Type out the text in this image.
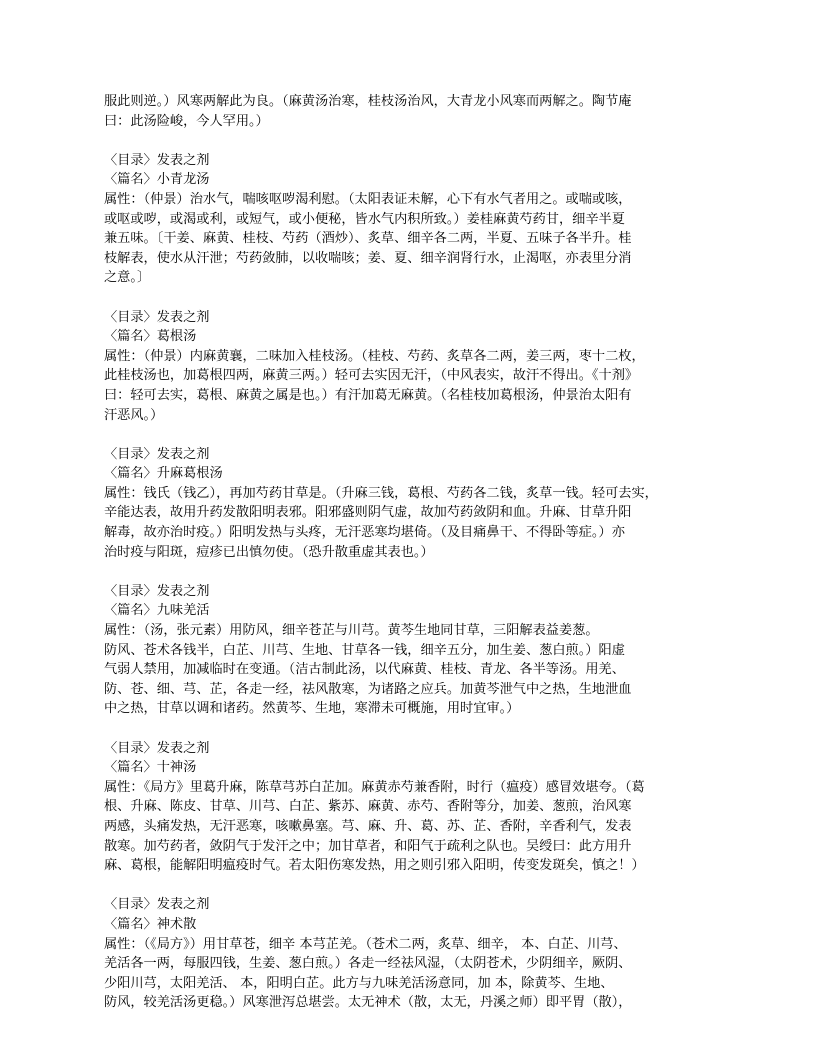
服此则逆。）风寒两解此为良。（麻黄汤治寒，桂枝汤治风，大青龙小风寒而两解之。陶节庵
曰：此汤险峻，今人罕用。）
〈目录〉发表之剂
〈篇名〉小青龙汤
属性：（仲景）治水气，喘咳呕哕渴利慰。（太阳表证未解，心下有水气者用之。或喘或咳，
或呕或哕，或渴或利，或短气，或小便秘，皆水气内积所致。）姜桂麻黄芍药甘，细辛半夏
兼五味。〔干姜、麻黄、桂枝、芍药（酒炒）、炙草、细辛各二两，半夏、五味子各半升。桂
枝解表，使水从汗泄；芍药敛肺，以收喘咳；姜、夏、细辛润肾行水，止渴呕，亦表里分消
之意。〕
〈目录〉发表之剂
〈篇名〉葛根汤
属性：（仲景）内麻黄襄，二味加入桂枝汤。（桂枝、芍药、炙草各二两，姜三两，枣十二枚，
此桂枝汤也，加葛根四两，麻黄三两。）轻可去实因无汗，（中风表实，故汗不得出。《十剂》
曰：轻可去实，葛根、麻黄之属是也。）有汗加葛无麻黄。（名桂枝加葛根汤，仲景治太阳有
汗恶风。）
〈目录〉发表之剂
〈篇名〉升麻葛根汤
属性：钱氏（钱乙），再加芍药甘草是。（升麻三钱，葛根、芍药各二钱，炙草一钱。轻可去实，
辛能达表，故用升药发散阳明表邪。阳邪盛则阴气虚，故加芍药敛阴和血。升麻、甘草升阳
解毒，故亦治时疫。）阳明发热与头疼，无汗恶寒均堪倚。（及目痛鼻干、不得卧等症。）亦
治时疫与阳斑，痘疹已出慎勿使。（恐升散重虚其表也。）
〈目录〉发表之剂
〈篇名〉九味羌活
属性：（汤，张元素）用防风，细辛苍芷与川芎。黄芩生地同甘草，三阳解表益姜葱。
防风、苍术各钱半，白芷、川芎、生地、甘草各一钱，细辛五分，加生姜、葱白煎。）阳虚
气弱人禁用，加减临时在变通。（洁古制此汤，以代麻黄、桂枝、青龙、各半等汤。用羌、
防、苍、细、芎、芷，各走一经，祛风散寒，为诸路之应兵。加黄芩泄气中之热，生地泄血
中之热，甘草以调和诸药。然黄芩、生地，寒滞未可概施，用时宜审。）
〈目录〉发表之剂
〈篇名〉十神汤
属性：《局方》里葛升麻，陈草芎苏白芷加。麻黄赤芍兼香附，时行（瘟疫）感冒效堪夸。（葛
根、升麻、陈皮、甘草、川芎、白芷、紫苏、麻黄、赤芍、香附等分，加姜、葱煎，治风寒
两感，头痛发热，无汗恶寒，咳嗽鼻塞。芎、麻、升、葛、苏、芷、香附，辛香利气，发表
散寒。加芍药者，敛阴气于发汗之中；加甘草者，和阳气于疏利之队也。吴绶曰：此方用升
麻、葛根，能解阳明瘟疫时气。若太阳伤寒发热，用之则引邪入阳明，传变发斑矣，慎之！）
〈目录〉发表之剂
〈篇名〉神术散
属性：（《局方》）用甘草苍，细辛 本芎芷羌。（苍术二两，炙草、细辛， 本、白芷、川芎、
羌活各一两，每服四钱，生姜、葱白煎。）各走一经祛风湿，（太阴苍术，少阴细辛，厥阴、
少阳川芎，太阳羌活、 本，阳明白芷。此方与九味羌活汤意同，加 本，除黄芩、生地、
防风，较羌活汤更稳。）风寒泄泻总堪尝。太无神术（散，太无，丹溪之师）即平胃（散），
